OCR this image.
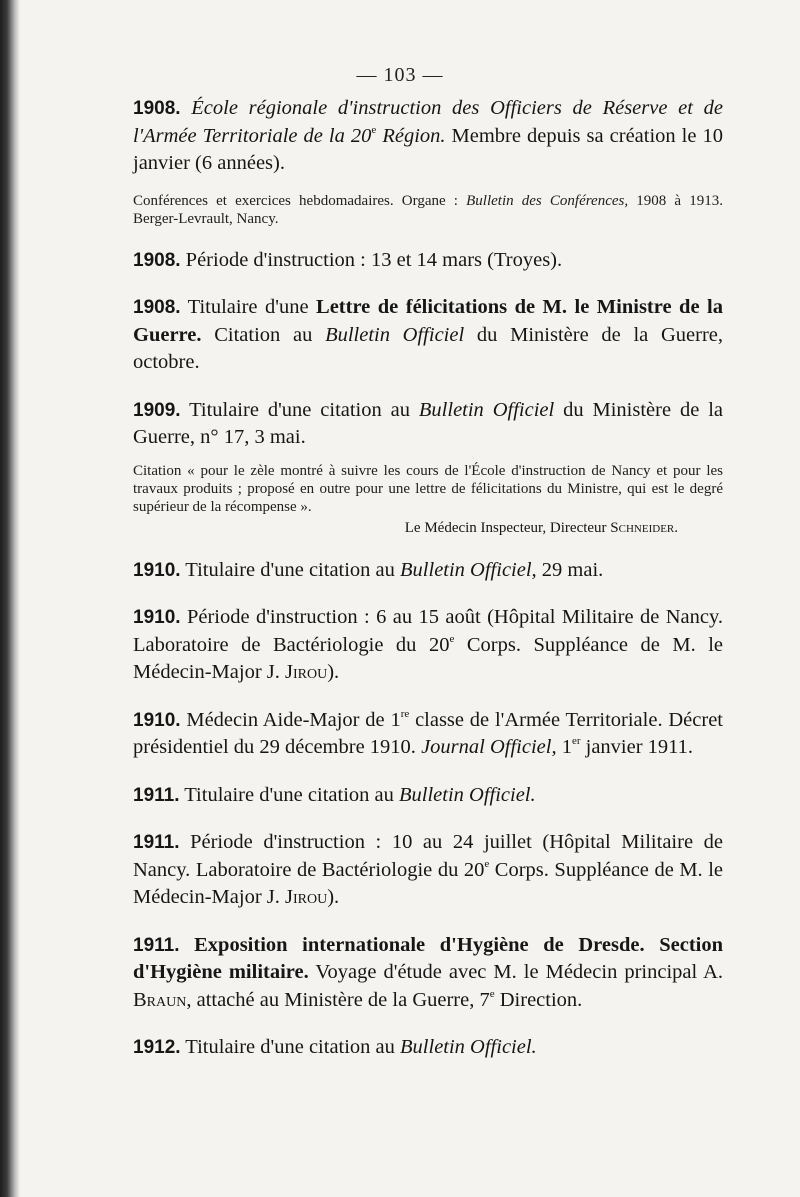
— 103 —

1908. École régionale d'instruction des Officiers de Réserve et de l'Armée Territoriale de la 20e Région. Membre depuis sa création le 10 janvier (6 années).

Conférences et exercices hebdomadaires. Organe : Bulletin des Conférences, 1908 à 1913. Berger-Levrault, Nancy.

1908. Période d'instruction : 13 et 14 mars (Troyes).

1908. Titulaire d'une Lettre de félicitations de M. le Ministre de la Guerre. Citation au Bulletin Officiel du Ministère de la Guerre, octobre.

1909. Titulaire d'une citation au Bulletin Officiel du Ministère de la Guerre, n° 17, 3 mai.

Citation « pour le zèle montré à suivre les cours de l'École d'instruction de Nancy et pour les travaux produits ; proposé en outre pour une lettre de félicitations du Ministre, qui est le degré supérieur de la récompense ».

Le Médecin Inspecteur, Directeur Schneider.

1910. Titulaire d'une citation au Bulletin Officiel, 29 mai.

1910. Période d'instruction : 6 au 15 août (Hôpital Militaire de Nancy. Laboratoire de Bactériologie du 20e Corps. Suppléance de M. le Médecin-Major J. Jirou).

1910. Médecin Aide-Major de 1re classe de l'Armée Territoriale. Décret présidentiel du 29 décembre 1910. Journal Officiel, 1er janvier 1911.

1911. Titulaire d'une citation au Bulletin Officiel.

1911. Période d'instruction : 10 au 24 juillet (Hôpital Militaire de Nancy. Laboratoire de Bactériologie du 20e Corps. Suppléance de M. le Médecin-Major J. Jirou).

1911. Exposition internationale d'Hygiène de Dresde. Section d'Hygiène militaire. Voyage d'étude avec M. le Médecin principal A. Braun, attaché au Ministère de la Guerre, 7e Direction.

1912. Titulaire d'une citation au Bulletin Officiel.
